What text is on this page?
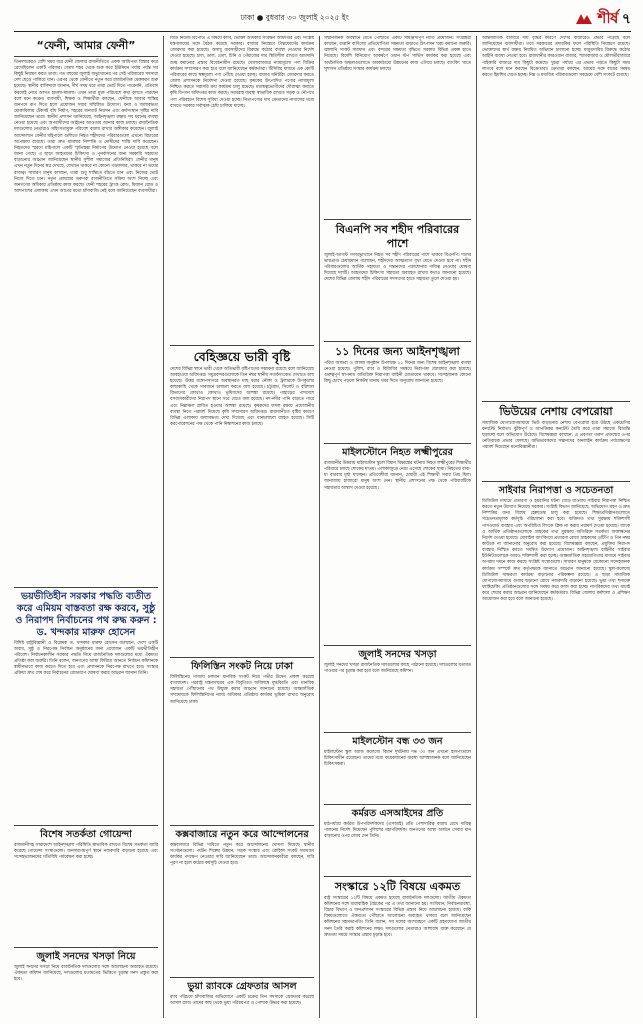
ঢাকা ● বুধবার ৩০ জুলাই ২০২৫ ইং	শীর্ষ ৭
“ফেনী, আমার ফেনী”

তিনদশকেরও বেশি সময় ধরে ফেনী জেলার রাজনীতিতে একক আধিপত্য বিস্তার করে রেখেছিলেন একটি পরিবার। জেলা শহর থেকে শুরু করে ইউনিয়ন পর্যায় পর্যন্ত সব কিছুই নিয়ন্ত্রণ করত তারা। গত বছরের জুলাই অভ্যুত্থানের পর সেই পরিবারের সদস্যরা দেশ ছেড়ে পালিয়ে যান। এরপর থেকে ফেনীতে নতুন করে রাজনৈতিক মেরুকরণ শুরু হয়েছে। স্থানীয় বাসিন্দারা জানান, দীর্ঘ সময় ধরে তারা ভোট দিতে পারেননি, প্রতিবাদ করলেই নেমে আসত হামলা-মামলা। এখন তারা মুক্ত পরিবেশে কথা বলতে পারছেন বলে মনে করেন। ব্যবসায়ী, শিক্ষক ও শিক্ষার্থীরা বলছেন, ফেনীকে আবার শান্তির জনপদে রূপ দিতে হলে প্রয়োজন সবার সম্মিলিত উদ্যোগ। বন্যা ও জলাবদ্ধতা মোকাবিলায় টেকসই বাঁধ নির্মাণ, শহরের যানজট নিরসন এবং কর্মসংস্থান সৃষ্টির দাবি জানিয়েছেন তারা। স্থানীয় প্রশাসন জানিয়েছে, আইনশৃঙ্খলা রক্ষায় সব ধরনের ব্যবস্থা নেওয়া হয়েছে এবং অপরাধীদের আইনের আওতায় আনার কাজ চলছে। রাজনৈতিক দলগুলোর নেতারাও সহিংসতামুক্ত পরিবেশ বজায় রাখার অঙ্গীকার করেছেন। জুলাই আন্দোলনে ফেনীর মহিপালে গুলিতে নিহত শহীদদের পরিবারগুলো এখনো বিচারের অপেক্ষায় রয়েছে। তারা দ্রুত মামলার নিষ্পত্তি ও দোষীদের শাস্তি দাবি করেছেন। নিহতদের স্মরণে মহিপালে একটি স্মৃতিস্তম্ভ নির্মাণের উদ্যোগ নেওয়া হয়েছে বলে জানা গেছে। এ ছাড়া আহতদের চিকিৎসা ও পুনর্বাসনের জন্য সরকারি সহায়তা বাড়ানোর আহ্বান জানিয়েছেন স্থানীয় সুশীল সমাজের প্রতিনিধিরা। ফেনীর মানুষ এখন নতুন দিনের স্বপ্ন দেখছে, যেখানে থাকবে না কোনো গডফাদার, থাকবে না ভয়ের রাজত্ব। সাধারণ মানুষ বলছেন, তারা শুধু শান্তিতে বাঁচতে চান এবং নিজের ভোট নিজে দিতে চান। নতুন প্রজন্মের তরুণরা রাজনীতিতে সক্রিয় অংশ নিচ্ছে এবং জনগণের অধিকার প্রতিষ্ঠায় কাজ করছে। ফেনী শহরের ট্রাংক রোড, মিজান রোড ও আশপাশের এলাকায় এখন আগের মতো চাঁদাবাজি নেই বলে জানিয়েছেন ব্যবসায়ীরা।

ভয়ভীতিহীন সরকার পদ্ধতি ব্যতীত করে এমিয়ম বাস্তবতা রক্ষ করবে, সুষ্ঠু ও নিরাপদ নির্বাচনের পথ রুদ্ধ করুন : ড. খন্দকার মারুফ হোসেন

বিশিষ্ট রাষ্ট্রবিজ্ঞানী ও বিশ্লেষক ড. খন্দকার মারুফ হোসেন বলেছেন, দেশে একটি অবাধ, সুষ্ঠু ও নিরপেক্ষ নির্বাচন অনুষ্ঠানের জন্য প্রয়োজন একটি ভয়ভীতিহীন পরিবেশ। নির্বাচনকালীন সরকার পদ্ধতি নিয়ে রাজনৈতিক দলগুলোর মধ্যে ঐকমত্য প্রতিষ্ঠা করা জরুরি। তিনি বলেন, জনগণের আস্থা ফিরিয়ে আনতে নির্বাচন কমিশনকে স্বাধীনভাবে কাজ করতে দিতে হবে এবং প্রশাসনকে নিরপেক্ষ রাখতে হবে। সংস্কার প্রক্রিয়া দ্রুত শেষ করে নির্বাচনের রোডম্যাপ ঘোষণা করার আহ্বান জানান তিনি।

বিশেষ সতর্কতা গোয়েন্দা

রাজধানীসহ সারাদেশে আইনশৃঙ্খলা পরিস্থিতি স্বাভাবিক রাখতে বিশেষ সতর্কতা জারি করেছে গোয়েন্দা সংস্থাগুলো। জনসমাগমপূর্ণ স্থানে নজরদারি বাড়ানো হয়েছে এবং সন্দেহভাজনদের গতিবিধি পর্যবেক্ষণ করা হচ্ছে।

জুলাই সনদের খসড়া নিয়ে

জুলাই সনদের খসড়া নিয়ে রাজনৈতিক দলগুলোর সঙ্গে আলোচনা অব্যাহত রয়েছে। ঐকমত্য কমিশন জানিয়েছে, দলগুলোর মতামতের ভিত্তিতে চূড়ান্ত সনদ প্রস্তুত করা হবে।

বিডি নিউজ রিপোর্ট। এ বিষয়ে ক্যাব, ভোক্তা অধিকার সংরক্ষণ অধিদপ্তর এবং সংশ্লিষ্ট মন্ত্রণালয়ের সঙ্গে বৈঠক করেছে সরকার। বাজার নিয়ন্ত্রণে টাস্কফোর্সের কার্যক্রম জোরদার করা হয়েছে। অসাধু ব্যবসায়ীদের বিরুদ্ধে কঠোর ব্যবস্থা নেওয়ার নির্দেশ দেওয়া হয়েছে। চাল, ডাল, তেল, চিনি ও পেঁয়াজের দাম স্থিতিশীল রাখতে আমদানি শুল্ক কমানোর প্রস্তাব বিবেচনাধীন রয়েছে। খোলাবাজারে ন্যায্যমূল্যে পণ্য বিক্রির কার্যক্রম সম্প্রসারণ করা হবে বলে জানিয়েছেন কর্মকর্তারা। টিসিবির মাধ্যমে এক কোটি পরিবারের কাছে স্বল্পমূল্যে পণ্য পৌঁছে দেওয়া হচ্ছে। বাজার মনিটরিং জোরদার করতে জেলা প্রশাসনকে নির্দেশনা দেওয়া হয়েছে। কৃষকের উৎপাদিত পণ্যের ন্যায্যমূল্য নিশ্চিত করতে সরাসরি ক্রয় কার্যক্রম চালু রয়েছে। মধ্যস্বত্বভোগীদের দৌরাত্ম্য কমাতে কৃষি বিপণন অধিদপ্তর কাজ করছে। সরবরাহ ব্যবস্থা স্বাভাবিক রাখতে সড়ক ও নৌপথে পণ্য পরিবহনে বিশেষ সুবিধা দেওয়া হচ্ছে। নিত্যপণ্যের দাম ক্রেতাদের নাগালের মধ্যে রাখতে সরকার সর্বাত্মক চেষ্টা চালিয়ে যাচ্ছে।

বেহিজ্ঞয়ে ভারী বৃষ্টি

দেশের বিভিন্ন স্থানে ভারী থেকে অতিভারী বৃষ্টিপাতের সম্ভাবনা রয়েছে বলে জানিয়েছে আবহাওয়া অধিদপ্তর। সমুদ্রবন্দরগুলোকে তিন নম্বর স্থানীয় সতর্কসংকেত দেখাতে বলা হয়েছে। উত্তর বঙ্গোপসাগরে অবস্থানরত মাছ ধরার নৌকা ও ট্রলারকে উপকূলের কাছাকাছি থেকে সাবধানে চলাচল করতে বলা হয়েছে। চট্টগ্রাম, সিলেট ও বরিশাল বিভাগের কোথাও কোথাও ভূমিধসের আশঙ্কা রয়েছে। পাহাড়ের পাদদেশে বসবাসকারীদের নিরাপদ স্থানে সরে যেতে বলা হয়েছে। নদ-নদীর পানি বাড়তে পারে এবং নিম্নাঞ্চল প্লাবিত হওয়ার আশঙ্কা রয়েছে। কৃষকদের ফসল রক্ষায় প্রয়োজনীয় ব্যবস্থা নিতে পরামর্শ দিয়েছে কৃষি সম্প্রসারণ অধিদপ্তর। রাজধানীতে বৃষ্টির কারণে বিভিন্ন এলাকায় জলাবদ্ধতা দেখা দিয়েছে এবং যানচলাচল ব্যাহত হয়েছে। সিটি করপোরেশনের পক্ষ থেকে পানি নিষ্কাশনের কাজ চলছে।

ফিলিস্তিন সংকট নিয়ে ঢাকা

ফিলিস্তিনের গাজায় চলমান মানবিক সংকট নিয়ে গভীর উদ্বেগ প্রকাশ করেছে বাংলাদেশ। পররাষ্ট্র মন্ত্রণালয়ের এক বিবৃতিতে অবিলম্বে যুদ্ধবিরতি এবং মানবিক সহায়তা পৌঁছানোর পথ উন্মুক্ত করার আহ্বান জানানো হয়েছে। আন্তর্জাতিক সম্প্রদায়কে ফিলিস্তিনিদের ন্যায্য অধিকার প্রতিষ্ঠায় কার্যকর ভূমিকা রাখার অনুরোধ জানিয়েছে ঢাকা।

কক্সবাজারে নতুন করে আন্দোলনের

কক্সবাজারে বিভিন্ন দাবিতে নতুন করে আন্দোলনের ঘোষণা দিয়েছে স্থানীয় সংগঠনগুলো। পর্যটন শিল্পের উন্নয়ন, সড়ক সংস্কার এবং রোহিঙ্গা সংকট সমাধানে কার্যকর পদক্ষেপ নেওয়ার দাবি জানিয়েছেন তারা। আন্দোলনকারীরা বলছেন, দাবি পূরণ না হলে কঠোর কর্মসূচি দেওয়া হবে।

ভুয়া র‌্যাবকে গ্রেফতার আসল

র‌্যাব পরিচয়ে চাঁদাবাজির অভিযোগে একটি চক্রের তিন সদস্যকে গ্রেফতার করেছে আসল র‌্যাব। তাদের কাছ থেকে ভুয়া পরিচয়পত্র ও পোশাক উদ্ধার করা হয়েছে।

সম্মানজনক অবস্থানে যেতে পৌঁছাতে একটি সামঞ্জস্যপূর্ণ নীতি প্রয়োজন। সংশ্লিষ্টরা বলছেন, রপ্তানি বাণিজ্যে প্রতিযোগিতা সক্ষমতা বাড়াতে উৎপাদন খরচ কমানো জরুরি। জ্বালানি সংকট সমাধান এবং বন্দরের সক্ষমতা বৃদ্ধিতে সরকার বিভিন্ন প্রকল্প হাতে নিয়েছে। বিদেশি বিনিয়োগ আকর্ষণে ওয়ান স্টপ সার্ভিস কার্যকর করা হয়েছে এবং অর্থনৈতিক অঞ্চলগুলোতে অবকাঠামো উন্নয়নের কাজ এগিয়ে চলছে। ব্যাংকিং খাতে সুশাসন প্রতিষ্ঠায় সংস্কার কার্যক্রম চলছে।

বিএনপি সব শহীদ পরিবারের পাশে

জুলাই-আগস্ট গণঅভ্যুত্থানে নিহত সব শহীদ পরিবারের পাশে থাকবে বিএনপি। দলের ভারপ্রাপ্ত চেয়ারম্যান বলেছেন, শহীদদের আত্মত্যাগ বৃথা যেতে দেওয়া হবে না। শহীদ পরিবারগুলোর আর্থিক সহায়তা ও সন্তানদের পড়াশোনার দায়িত্ব নেওয়ার ঘোষণা দিয়েছে দলটি। আহতদের চিকিৎসা সহায়তা অব্যাহত রাখার কথাও জানানো হয়েছে। দেশের বিভিন্ন জেলায় শহীদ পরিবারের সদস্যদের হাতে সহায়তা তুলে দেওয়া হয়।

১১ দিনের জন্য আইনশৃঙ্খলা

পবিত্র আশুরা ও আসন্ন অনুষ্ঠান উপলক্ষে ১১ দিনের জন্য বিশেষ আইনশৃঙ্খলা ব্যবস্থা নেওয়া হয়েছে। পুলিশ, র‌্যাব ও বিজিবির সমন্বয়ে নিরাপত্তা জোরদার করা হয়েছে। গুরুত্বপূর্ণ স্থাপনায় অতিরিক্ত নিরাপত্তা বাহিনী মোতায়েন থাকবে। সন্দেহজনক কোনো কিছু চোখে পড়লে নিকটস্থ থানায় খবর দিতে অনুরোধ জানানো হয়েছে।

মাইলস্টোনে নিহত লক্ষ্মীপুরের

রাজধানীর উত্তরায় মাইলস্টোন স্কুলে বিমান বিধ্বস্তের ঘটনায় নিহত লক্ষ্মীপুরের শিক্ষার্থীর পরিবারে চলছে শোকের মাতম। এলাকাজুড়ে নেমে এসেছে শোকের ছায়া। নিহতের বাবা-মা বারবার মূর্ছা যাচ্ছেন। প্রতিবেশীরা জানান, মেধাবী এই শিক্ষার্থী সবার প্রিয় ছিল। জানাজায় হাজারো মানুষ অংশ নেন। স্থানীয় প্রশাসনের পক্ষ থেকে পরিবারটিকে সহায়তার আশ্বাস দেওয়া হয়েছে।

জুলাই সনদের খসড়া

জুলাই সনদের খসড়া রাজনৈতিক দলগুলোর কাছে পাঠানো হয়েছে। দলগুলোর মতামত পাওয়ার পর চূড়ান্ত করা হবে বলে জানিয়েছে কমিশন।

মাইলস্টোন বন্ধ ৩৩ জন

মাইলস্টোন স্কুল অ্যান্ড কলেজে বিমান দুর্ঘটনায় দগ্ধ ৩৩ জন এখনো হাসপাতালে চিকিৎসাধীন রয়েছেন। তাদের মধ্যে কয়েকজনের অবস্থা আশঙ্কাজনক বলে জানিয়েছেন চিকিৎসকরা।

কর্মরত এসআইদের প্রতি

মাঠপর্যায়ে কর্মরত উপপরিদর্শকদের (এসআই) প্রতি পেশাদারিত্ব বজায় রেখে দায়িত্ব পালনের নির্দেশ দিয়েছেন পুলিশের মহাপরিদর্শক। জনগণের আস্থা অর্জনে সেবার মান বাড়ানোর ওপর জোর দেন তিনি।

সংস্কারে ১২টি বিষয়ে একমত

রাষ্ট্র সংস্কারের ১২টি বিষয়ে একমত হয়েছে রাজনৈতিক দলগুলো। জাতীয় ঐকমত্য কমিশনের সঙ্গে ধারাবাহিক বৈঠকের পর এ তথ্য জানানো হয়। সংবিধান, নির্বাচনব্যবস্থা, বিচার বিভাগ ও জনপ্রশাসন সংস্কারের বিভিন্ন প্রস্তাব নিয়ে আলোচনা হয়েছে। বাকি বিষয়গুলোতে ঐকমত্যে পৌঁছাতে আলোচনা অব্যাহত থাকবে বলে জানিয়েছেন কমিশনের সহসভাপতি। তিনি বলেন, সব দলের অংশগ্রহণে একটি গ্রহণযোগ্য জাতীয় সনদ তৈরি করাই কমিশনের লক্ষ্য। দলগুলোর নেতারাও আশাবাদ ব্যক্ত করেছেন যে দ্রুততম সময়ে সংস্কার প্রস্তাব চূড়ান্ত হবে।

আন্তর্জাতিক বাজারে দাম বৃদ্ধির কারণে দেশের বাজারেও প্রভাব পড়েছে বলে জানিয়েছেন ব্যবসায়ীরা। তবে সরকারের তদারকির ফলে পরিস্থিতি নিয়ন্ত্রণে রয়েছে। ভোক্তাদের স্বার্থ রক্ষায় নিয়মিত অভিযান চালানো হচ্ছে। মজুতদারির বিরুদ্ধে কঠোর আইনি ব্যবস্থা নেওয়া হবে। রাজধানীর কারওয়ান বাজার, শ্যামবাজার ও মৌলভীবাজারে পাইকারি বাজারে দাম কিছুটা কমেছে। খুচরা পর্যায়ে এর প্রভাব পড়তে কিছুটা সময় লাগবে বলে মনে করছেন বিক্রেতারা। ক্রেতারা বলছেন, আয়ের সঙ্গে ব্যয়ের সমন্বয় করতে হিমশিম খেতে হচ্ছে। নিম্ন ও মধ্যবিত্ত পরিবারগুলো সবচেয়ে বেশি সংকটে রয়েছে।

ভিউয়ের নেশায় বেপরোয়া

সামাজিক যোগাযোগমাধ্যমে ভিউ বাড়ানোর নেশায় বেপরোয়া হয়ে উঠছে একশ্রেণির কনটেন্ট নির্মাতা। ঝুঁকিপূর্ণ ও আপত্তিকর কনটেন্ট তৈরি করে তারা সমাজে বিভ্রান্তি ছড়াচ্ছে বলে অভিযোগ উঠেছে। বিশেষজ্ঞরা বলছেন, এ প্রবণতা তরুণ প্রজন্মের ওপর নেতিবাচক প্রভাব ফেলছে। অভিভাবকদের সন্তানদের অনলাইন কার্যক্রম পর্যবেক্ষণের পরামর্শ দিয়েছেন মনোবিজ্ঞানীরা।

সাইবার নিরাপত্তা ও সচেতনতা

ডিজিটাল মাধ্যমে প্রতারণা ও হয়রানির ঘটনা বেড়ে যাওয়ায় সাইবার নিরাপত্তা নিশ্চিত করতে নতুন উদ্যোগ নিয়েছে সরকার। সংশ্লিষ্ট বিভাগ জানিয়েছে, অভিযোগ গ্রহণ ও দ্রুত নিষ্পত্তির জন্য বিশেষ হেল্পডেস্ক চালু করা হয়েছে। শিক্ষাপ্রতিষ্ঠানগুলোতে সচেতনতামূলক কর্মসূচি পরিচালনা করা হবে। ব্যক্তিগত তথ্য সুরক্ষায় শক্তিশালী পাসওয়ার্ড ব্যবহার এবং অপরিচিত লিংকে ক্লিক না করার পরামর্শ দেওয়া হয়েছে। ব্যাংক ও আর্থিক প্রতিষ্ঠানগুলোকে গ্রাহকের তথ্য সুরক্ষায় অতিরিক্ত সতর্কতা অবলম্বনের নির্দেশ দেওয়া হয়েছে। মোবাইল ব্যাংকিংয়ে প্রতারণা রোধে গ্রাহকদের ওটিপি ও পিন নম্বর কাউকে না জানানোর অনুরোধ করা হয়েছে। বিশেষজ্ঞরা বলছেন, প্রযুক্তির নিরাপদ ব্যবহার নিশ্চিত করতে সমন্বিত উদ্যোগ প্রয়োজন। আইনশৃঙ্খলা বাহিনীর সাইবার ইউনিটগুলোকে আরও শক্তিশালী করা হচ্ছে। আন্তর্জাতিক সহযোগিতার মাধ্যমে সাইবার অপরাধ দমনে কাজ করছে সংশ্লিষ্ট সংস্থাগুলো। সাধারণ মানুষকে যেকোনো সন্দেহজনক কার্যক্রম সম্পর্কে দ্রুত কর্তৃপক্ষকে জানাতে আহ্বান জানানো হয়েছে। স্কুল-কলেজে ডিজিটাল সাক্ষরতা কার্যক্রম বাড়ানোর পরিকল্পনা রয়েছে। এ ছাড়া সামাজিক যোগাযোগমাধ্যমে গুজব ছড়ানো রোধে নজরদারি বাড়ানো হয়েছে। ভুয়া তথ্য শনাক্তে ফ্যাক্টচেকিং প্রতিষ্ঠানগুলোর সঙ্গে সমন্বয় করে কাজ করা হচ্ছে। নাগরিকদের তথ্য যাচাই করে শেয়ার করার আহ্বান জানিয়েছেন কর্মকর্তারা। বিভিন্ন জেলায় কর্মশালা ও প্রশিক্ষণ আয়োজন করা হবে বলে জানানো হয়েছে।
